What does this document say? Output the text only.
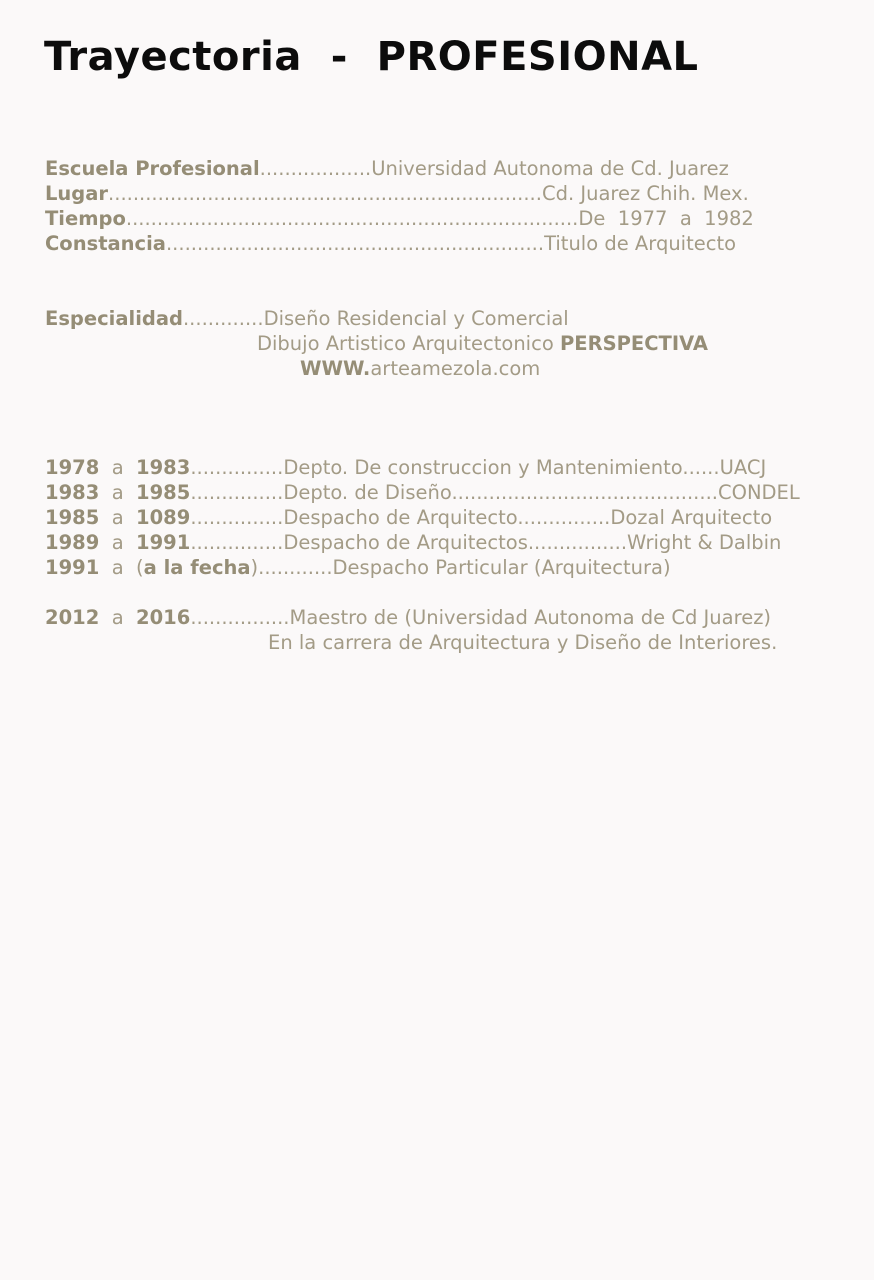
Trayectoria - PROFESIONAL
Escuela Profesional..................Universidad Autonoma de Cd. Juarez
Lugar......................................................................Cd. Juarez Chih. Mex.
Tiempo.........................................................................De  1977  a  1982
Constancia.............................................................Titulo de Arquitecto
Especialidad.............Diseño Residencial y Comercial
Dibujo Artistico Arquitectonico PERSPECTIVA
WWW.arteamezola.com
1978 a 1983...............Depto. De construccion y Mantenimiento......UACJ
1983 a 1985...............Depto. de Diseño...........................................CONDEL
1985 a 1089...............Despacho de Arquitecto...............Dozal Arquitecto
1989 a 1991...............Despacho de Arquitectos................Wright & Dalbin
1991 a (a la fecha)............Despacho Particular (Arquitectura)
2012 a 2016................Maestro de (Universidad Autonoma de Cd Juarez)
En la carrera de Arquitectura y Diseño de Interiores.
